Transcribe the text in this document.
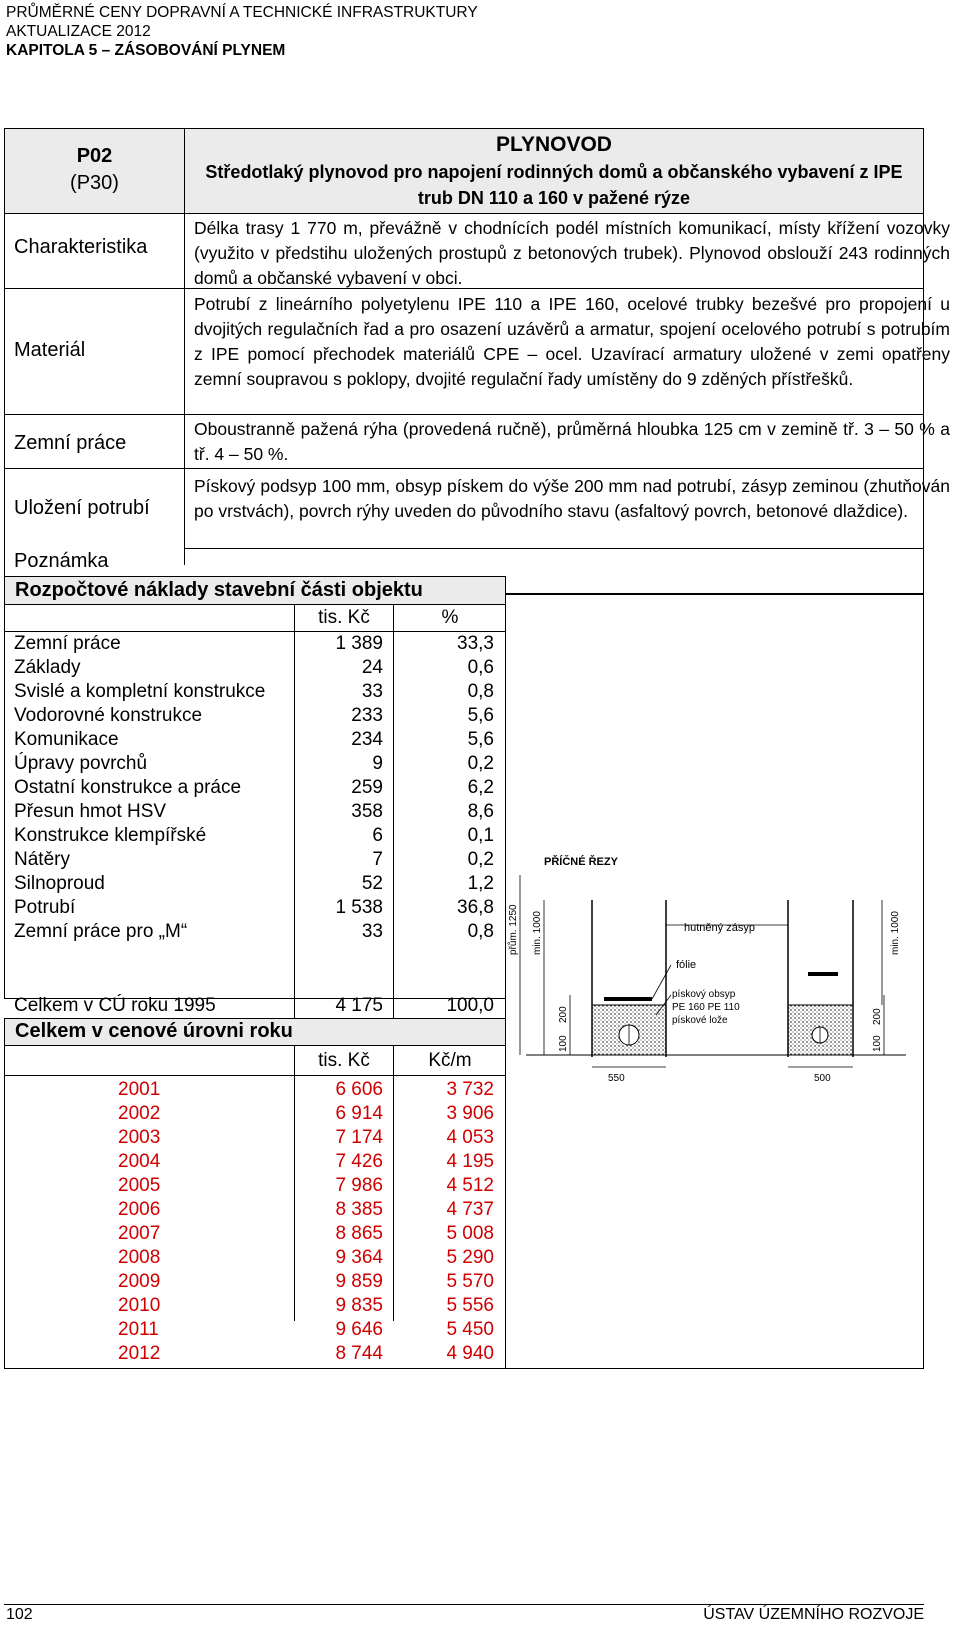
PRŮMĚRNÉ CENY DOPRAVNÍ A TECHNICKÉ INFRASTRUKTURY
AKTUALIZACE 2012
KAPITOLA 5 – ZÁSOBOVÁNÍ PLYNEM
P02
(P30)
PLYNOVOD
Středotlaký plynovod pro napojení rodinných domů a občanského vybavení z IPE trub DN 110 a 160 v pažené rýze
Charakteristika
Délka trasy 1 770 m, převážně v chodnících podél místních komunikací, místy křížení vozovky (využito v předstihu uložených prostupů z betonových trubek). Plynovod obslouží 243 rodinných domů a občanské vybavení v obci.
Materiál
Potrubí z lineárního polyetylenu IPE 110 a IPE 160, ocelové trubky bezešvé pro propojení u dvojitých regulačních řad a pro osazení uzávěrů a armatur, spojení ocelového potrubí s potrubím z IPE pomocí přechodek materiálů CPE – ocel. Uzavírací armatury uložené v zemi opatřeny zemní soupravou s poklopy, dvojité regulační řady umístěny do 9 zděných přístřešků.
Zemní práce
Oboustranně pažená rýha (provedená ručně), průměrná hloubka 125 cm v zemině tř. 3 – 50 % a tř. 4 – 50 %.
Uložení potrubí
Pískový podsyp 100 mm, obsyp pískem do výše 200 mm nad potrubí, zásyp zeminou (zhutňován po vrstvách), povrch rýhy uveden do původního stavu (asfaltový povrch, betonové dlaždice).
Poznámka
Rozpočtové náklady stavební části objektu
tis. Kč	%
Zemní práce	1 389	33,3
Základy	24	0,6
Svislé a kompletní konstrukce	33	0,8
Vodorovné konstrukce	233	5,6
Komunikace	234	5,6
Úpravy povrchů	9	0,2
Ostatní konstrukce a práce	259	6,2
Přesun hmot HSV	358	8,6
Konstrukce klempířské	6	0,1
Nátěry	7	0,2
Silnoproud	52	1,2
Potrubí	1 538	36,8
Zemní práce pro „M“	33	0,8
Celkem v CÚ roku 1995	4 175	100,0
Celkem v cenové úrovni roku
tis. Kč	Kč/m
2001	6 606	3 732
2002	6 914	3 906
2003	7 174	4 053
2004	7 426	4 195
2005	7 986	4 512
2006	8 385	4 737
2007	8 865	5 008
2008	9 364	5 290
2009	9 859	5 570
2010	9 835	5 556
2011	9 646	5 450
2012	8 744	4 940
PŘÍČNÉ ŘEZY
přům. 1250 min. 1000
200
100
min. 1000
200
100
550	500
hutněný zásyp
fólie
pískový obsyp
PE 160 PE 110
pískové lože
102	ÚSTAV ÚZEMNÍHO ROZVOJE
